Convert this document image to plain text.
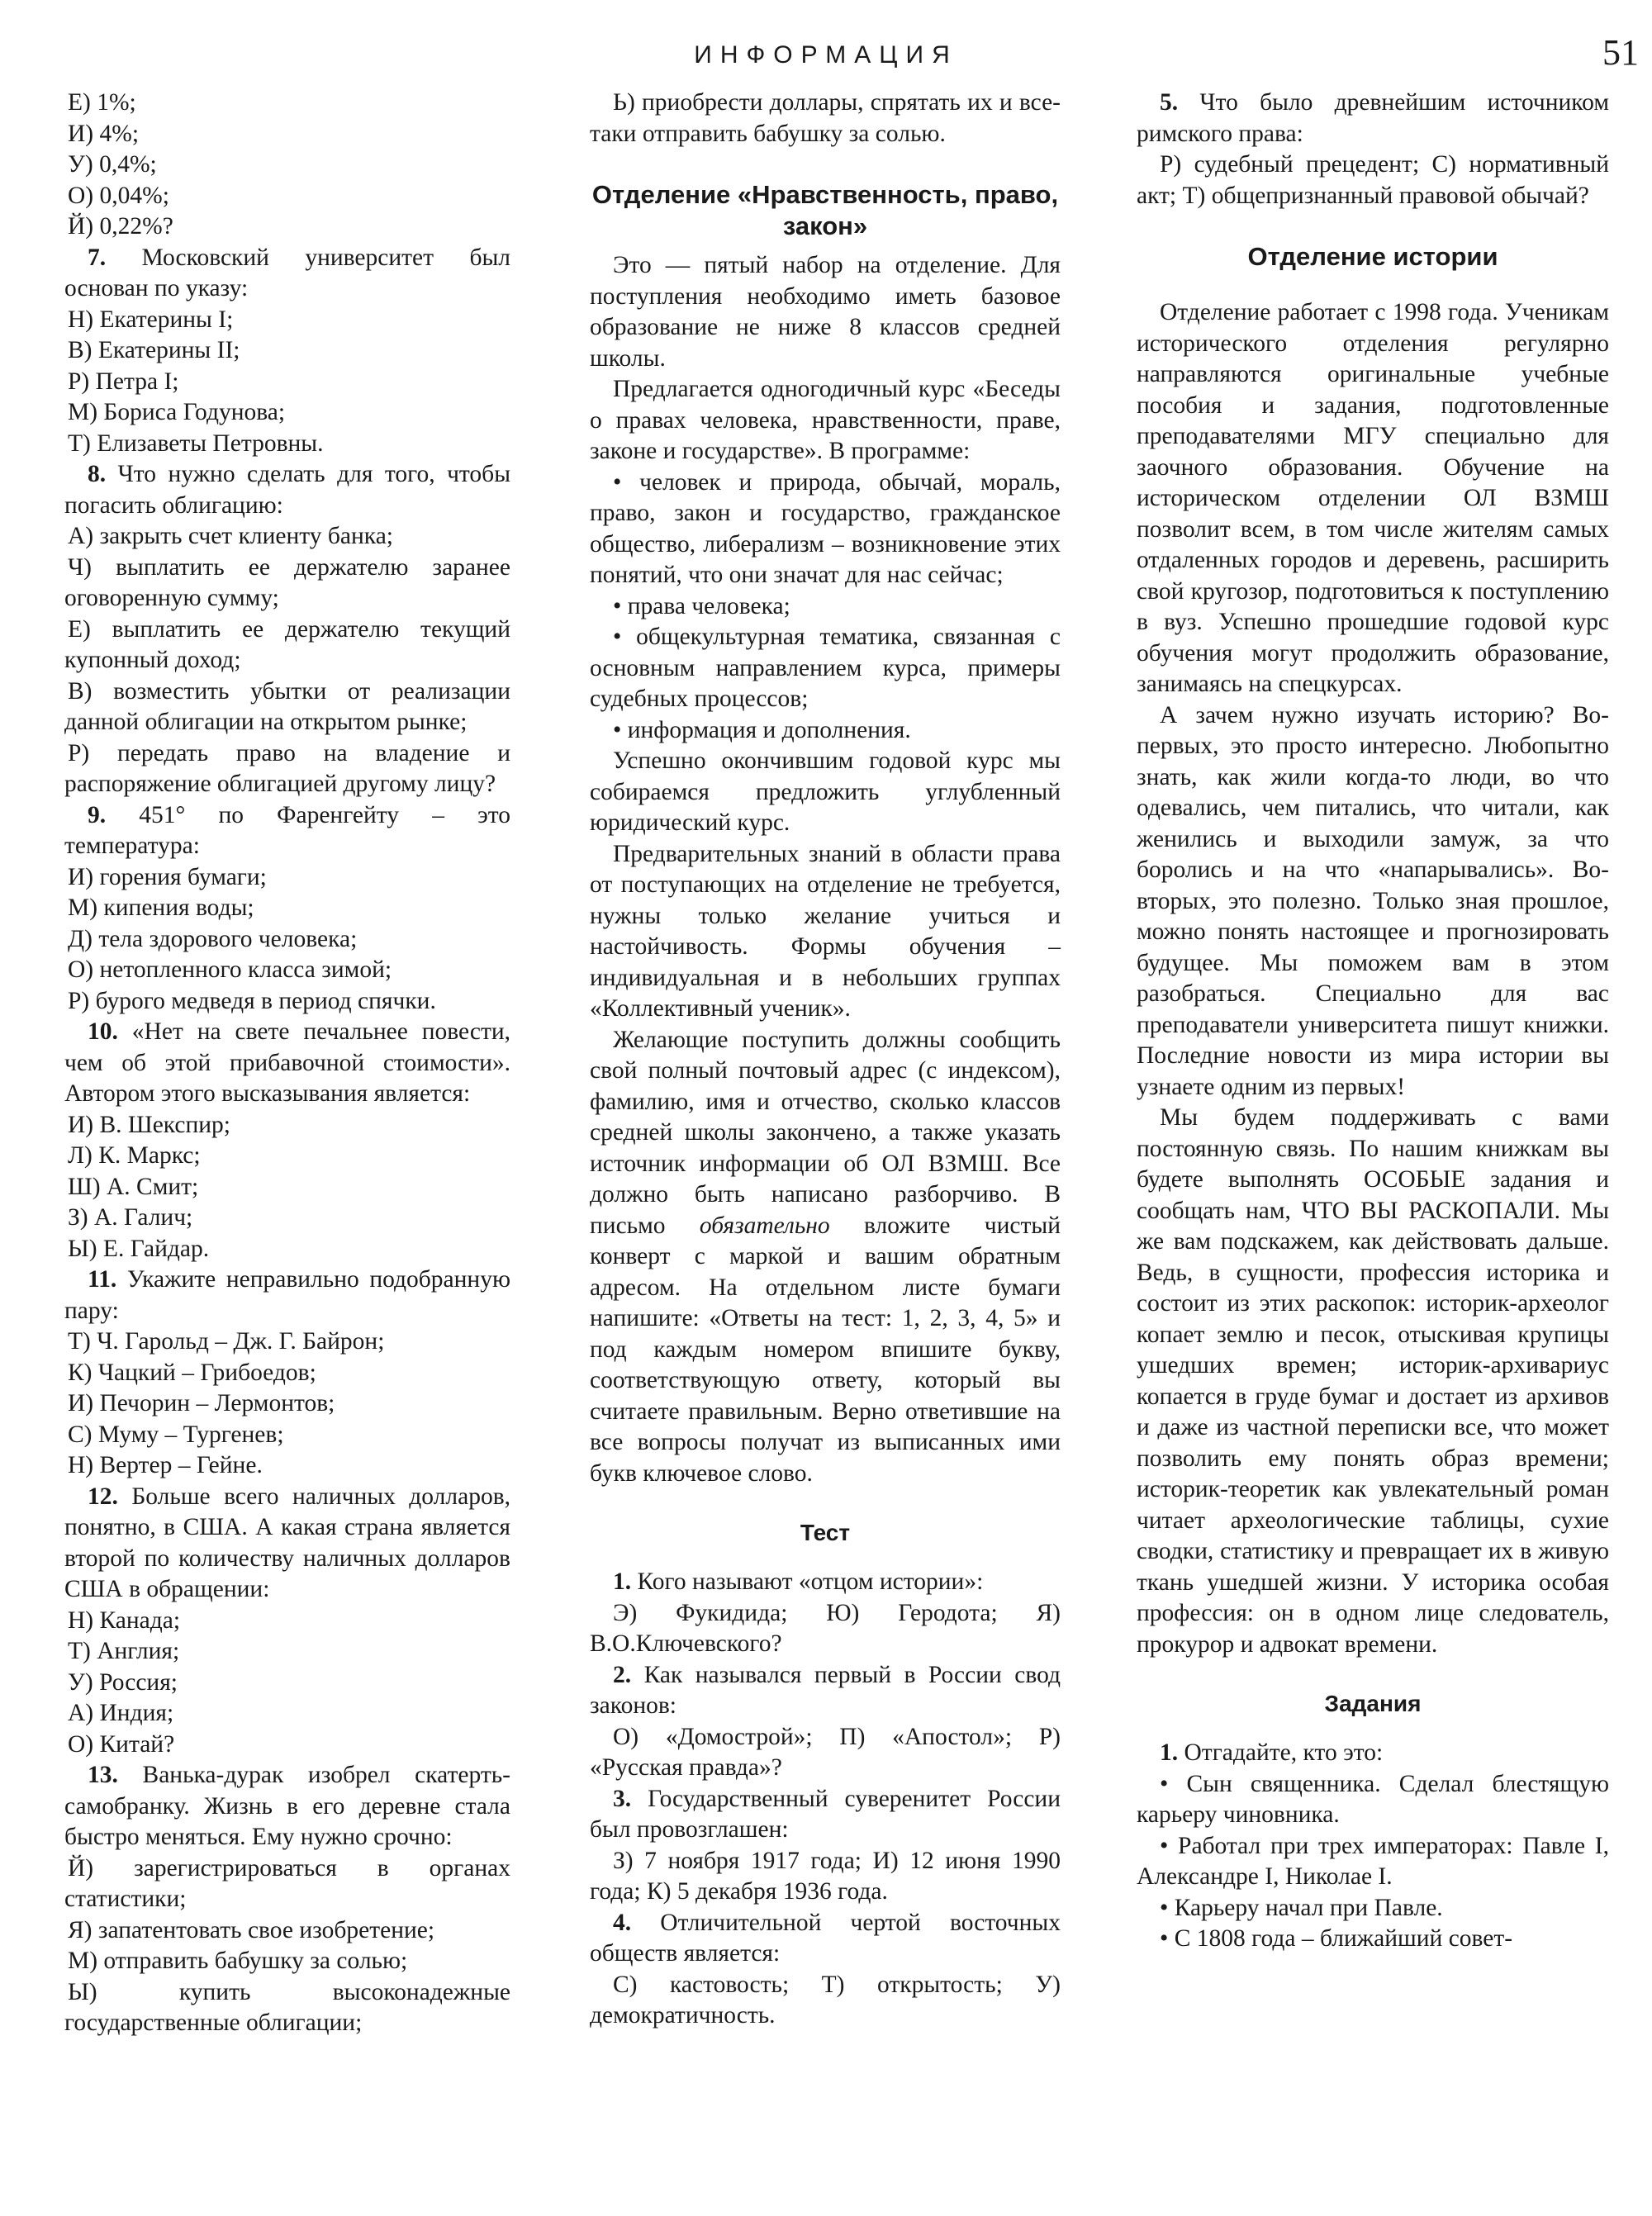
ИНФОРМАЦИЯ	51

Е) 1%;

И) 4%;

У) 0,4%;

О) 0,04%;

Й) 0,22%?

7. Московский университет был основан по указу:

Н) Екатерины I;

В) Екатерины II;

Р) Петра I;

М) Бориса Годунова;

Т) Елизаветы Петровны.

8. Что нужно сделать для того, чтобы погасить облигацию:

А) закрыть счет клиенту банка;

Ч) выплатить ее держателю заранее оговоренную сумму;

Е) выплатить ее держателю текущий купонный доход;

В) возместить убытки от реализации данной облигации на открытом рынке;

Р) передать право на владение и распоряжение облигацией другому лицу?

9. 451° по Фаренгейту – это температура:

И) горения бумаги;

М) кипения воды;

Д) тела здорового человека;

О) нетопленного класса зимой;

Р) бурого медведя в период спячки.

10. «Нет на свете печальнее повести, чем об этой прибавочной стоимости». Автором этого высказывания является:

И) В. Шекспир;

Л) К. Маркс;

Ш) А. Смит;

З) А. Галич;

Ы) Е. Гайдар.

11. Укажите неправильно подобранную пару:

Т) Ч. Гарольд – Дж. Г. Байрон;

К) Чацкий – Грибоедов;

И) Печорин – Лермонтов;

С) Муму – Тургенев;

Н) Вертер – Гейне.

12. Больше всего наличных долларов, понятно, в США. А какая страна является второй по количеству наличных долларов США в обращении:

Н) Канада;

Т) Англия;

У) Россия;

А) Индия;

О) Китай?

13. Ванька-дурак изобрел скатерть-самобранку. Жизнь в его деревне стала быстро меняться. Ему нужно срочно:

Й) зарегистрироваться в органах статистики;

Я) запатентовать свое изобретение;

М) отправить бабушку за солью;

Ы) купить высоконадежные государственные облигации;

Ь) приобрести доллары, спрятать их и все-таки отправить бабушку за солью.

Отделение «Нравственность, право, закон»

Это — пятый набор на отделение. Для поступления необходимо иметь базовое образование не ниже 8 классов средней школы.

Предлагается одногодичный курс «Беседы о правах человека, нравственности, праве, законе и государстве». В программе:

• человек и природа, обычай, мораль, право, закон и государство, гражданское общество, либерализм – возникновение этих понятий, что они значат для нас сейчас;

• права человека;

• общекультурная тематика, связанная с основным направлением курса, примеры судебных процессов;

• информация и дополнения.

Успешно окончившим годовой курс мы собираемся предложить углубленный юридический курс.

Предварительных знаний в области права от поступающих на отделение не требуется, нужны только желание учиться и настойчивость. Формы обучения – индивидуальная и в небольших группах «Коллективный ученик».

Желающие поступить должны сообщить свой полный почтовый адрес (с индексом), фамилию, имя и отчество, сколько классов средней школы закончено, а также указать источник информации об ОЛ ВЗМШ. Все должно быть написано разборчиво. В письмо обязательно вложите чистый конверт с маркой и вашим обратным адресом. На отдельном листе бумаги напишите: «Ответы на тест: 1, 2, 3, 4, 5» и под каждым номером впишите букву, соответствующую ответу, который вы считаете правильным. Верно ответившие на все вопросы получат из выписанных ими букв ключевое слово.

Тест

1. Кого называют «отцом истории»:

Э) Фукидида; Ю) Геродота; Я) В.О.Ключевского?

2. Как назывался первый в России свод законов:

О) «Домострой»; П) «Апостол»; Р) «Русская правда»?

3. Государственный суверенитет России был провозглашен:

З) 7 ноября 1917 года; И) 12 июня 1990 года; К) 5 декабря 1936 года.

4. Отличительной чертой восточных обществ является:

С) кастовость; Т) открытость; У) демократичность.

5. Что было древнейшим источником римского права:

Р) судебный прецедент; С) нормативный акт; Т) общепризнанный правовой обычай?

Отделение истории

Отделение работает с 1998 года. Ученикам исторического отделения регулярно направляются оригинальные учебные пособия и задания, подготовленные преподавателями МГУ специально для заочного образования. Обучение на историческом отделении ОЛ ВЗМШ позволит всем, в том числе жителям самых отдаленных городов и деревень, расширить свой кругозор, подготовиться к поступлению в вуз. Успешно прошедшие годовой курс обучения могут продолжить образование, занимаясь на спецкурсах.

А зачем нужно изучать историю? Во-первых, это просто интересно. Любопытно знать, как жили когда-то люди, во что одевались, чем питались, что читали, как женились и выходили замуж, за что боролись и на что «напарывались». Во-вторых, это полезно. Только зная прошлое, можно понять настоящее и прогнозировать будущее. Мы поможем вам в этом разобраться. Специально для вас преподаватели университета пишут книжки. Последние новости из мира истории вы узнаете одним из первых!

Мы будем поддерживать с вами постоянную связь. По нашим книжкам вы будете выполнять ОСОБЫЕ задания и сообщать нам, ЧТО ВЫ РАСКОПАЛИ. Мы же вам подскажем, как действовать дальше. Ведь, в сущности, профессия историка и состоит из этих раскопок: историк-археолог копает землю и песок, отыскивая крупицы ушедших времен; историк-архивариус копается в груде бумаг и достает из архивов и даже из частной переписки все, что может позволить ему понять образ времени; историк-теоретик как увлекательный роман читает археологические таблицы, сухие сводки, статистику и превращает их в живую ткань ушедшей жизни. У историка особая профессия: он в одном лице следователь, прокурор и адвокат времени.

Задания

1. Отгадайте, кто это:

• Сын священника. Сделал блестящую карьеру чиновника.

• Работал при трех императорах: Павле I, Александре I, Николае I.

• Карьеру начал при Павле.

• С 1808 года – ближайший совет-
